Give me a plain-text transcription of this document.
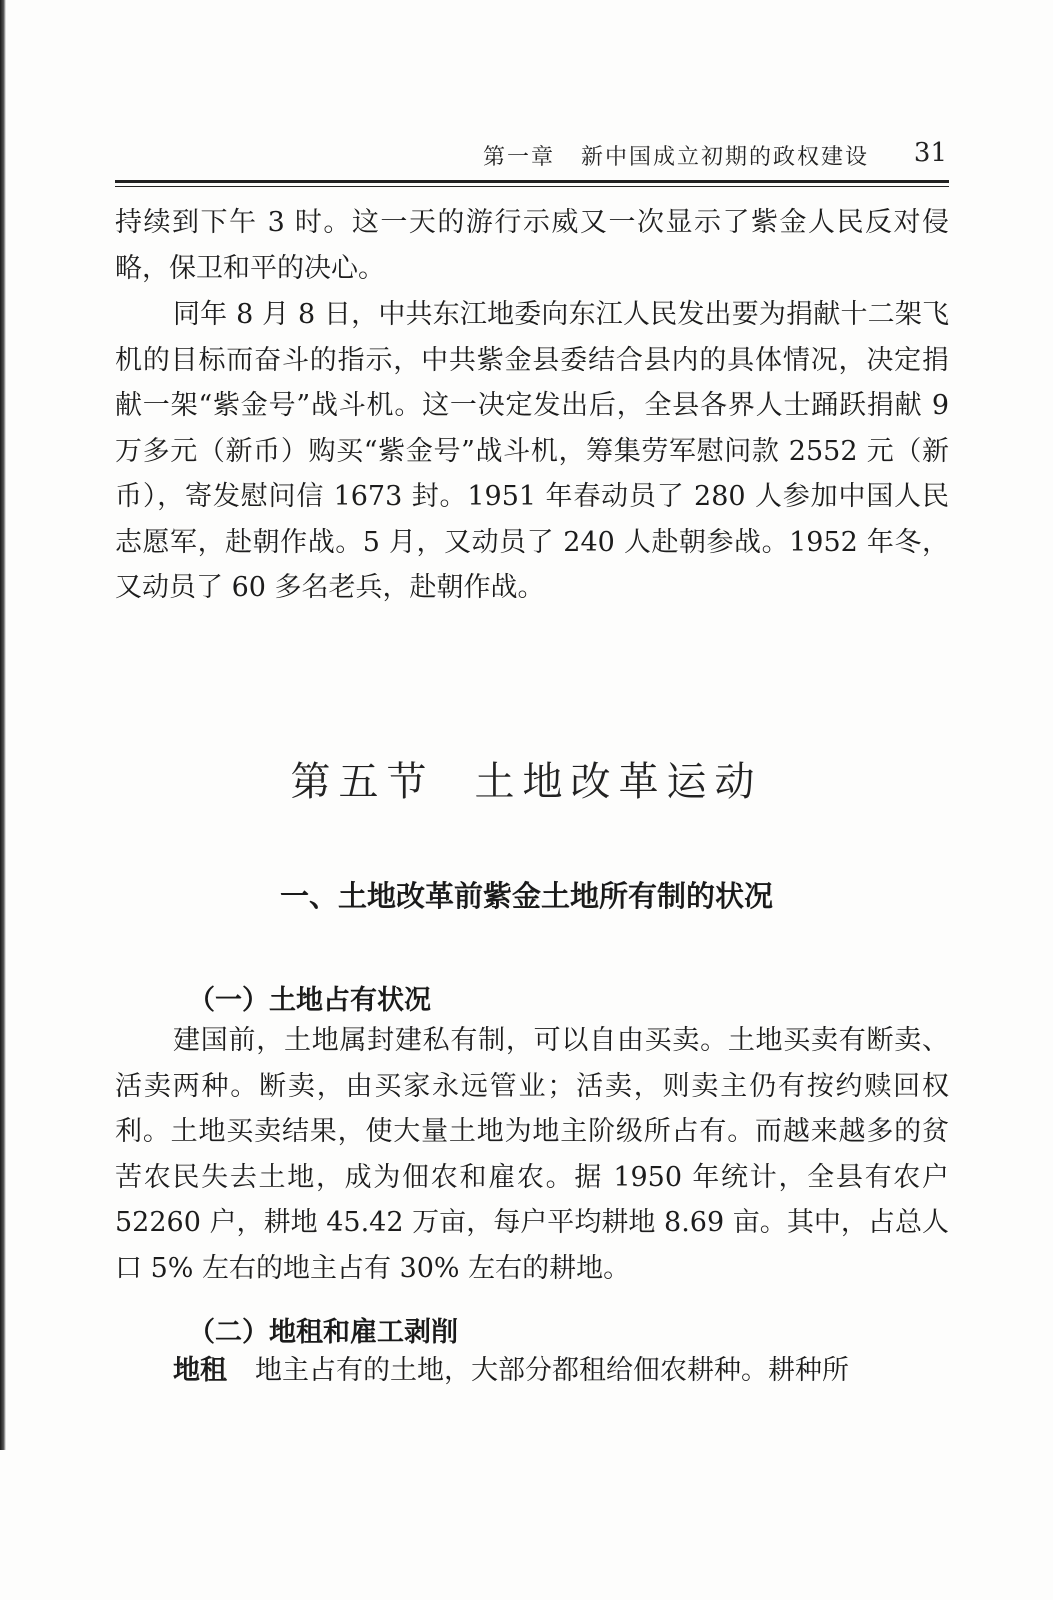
第一章 新中国成立初期的政权建设 31

持续到下午 3 时。这一天的游行示威又一次显示了紫金人民反对侵略，保卫和平的决心。

同年 8 月 8 日，中共东江地委向东江人民发出要为捐献十二架飞机的目标而奋斗的指示，中共紫金县委结合县内的具体情况，决定捐献一架“紫金号”战斗机。这一决定发出后，全县各界人士踊跃捐献 9 万多元（新币）购买“紫金号”战斗机，筹集劳军慰问款 2552 元（新币），寄发慰问信 1673 封。1951 年春动员了 280 人参加中国人民志愿军，赴朝作战。5 月，又动员了 240 人赴朝参战。1952 年冬，又动员了 60 多名老兵，赴朝作战。

第五节 土地改革运动
一、土地改革前紫金土地所有制的状况
（一）土地占有状况

建国前，土地属封建私有制，可以自由买卖。土地买卖有断卖、活卖两种。断卖，由买家永远管业；活卖，则卖主仍有按约赎回权利。土地买卖结果，使大量土地为地主阶级所占有。而越来越多的贫苦农民失去土地，成为佃农和雇农。据 1950 年统计，全县有农户 52260 户，耕地 45.42 万亩，每户平均耕地 8.69 亩。其中，占总人口 5% 左右的地主占有 30% 左右的耕地。

（二）地租和雇工剥削

地租 地主占有的土地，大部分都租给佃农耕种。耕种所
